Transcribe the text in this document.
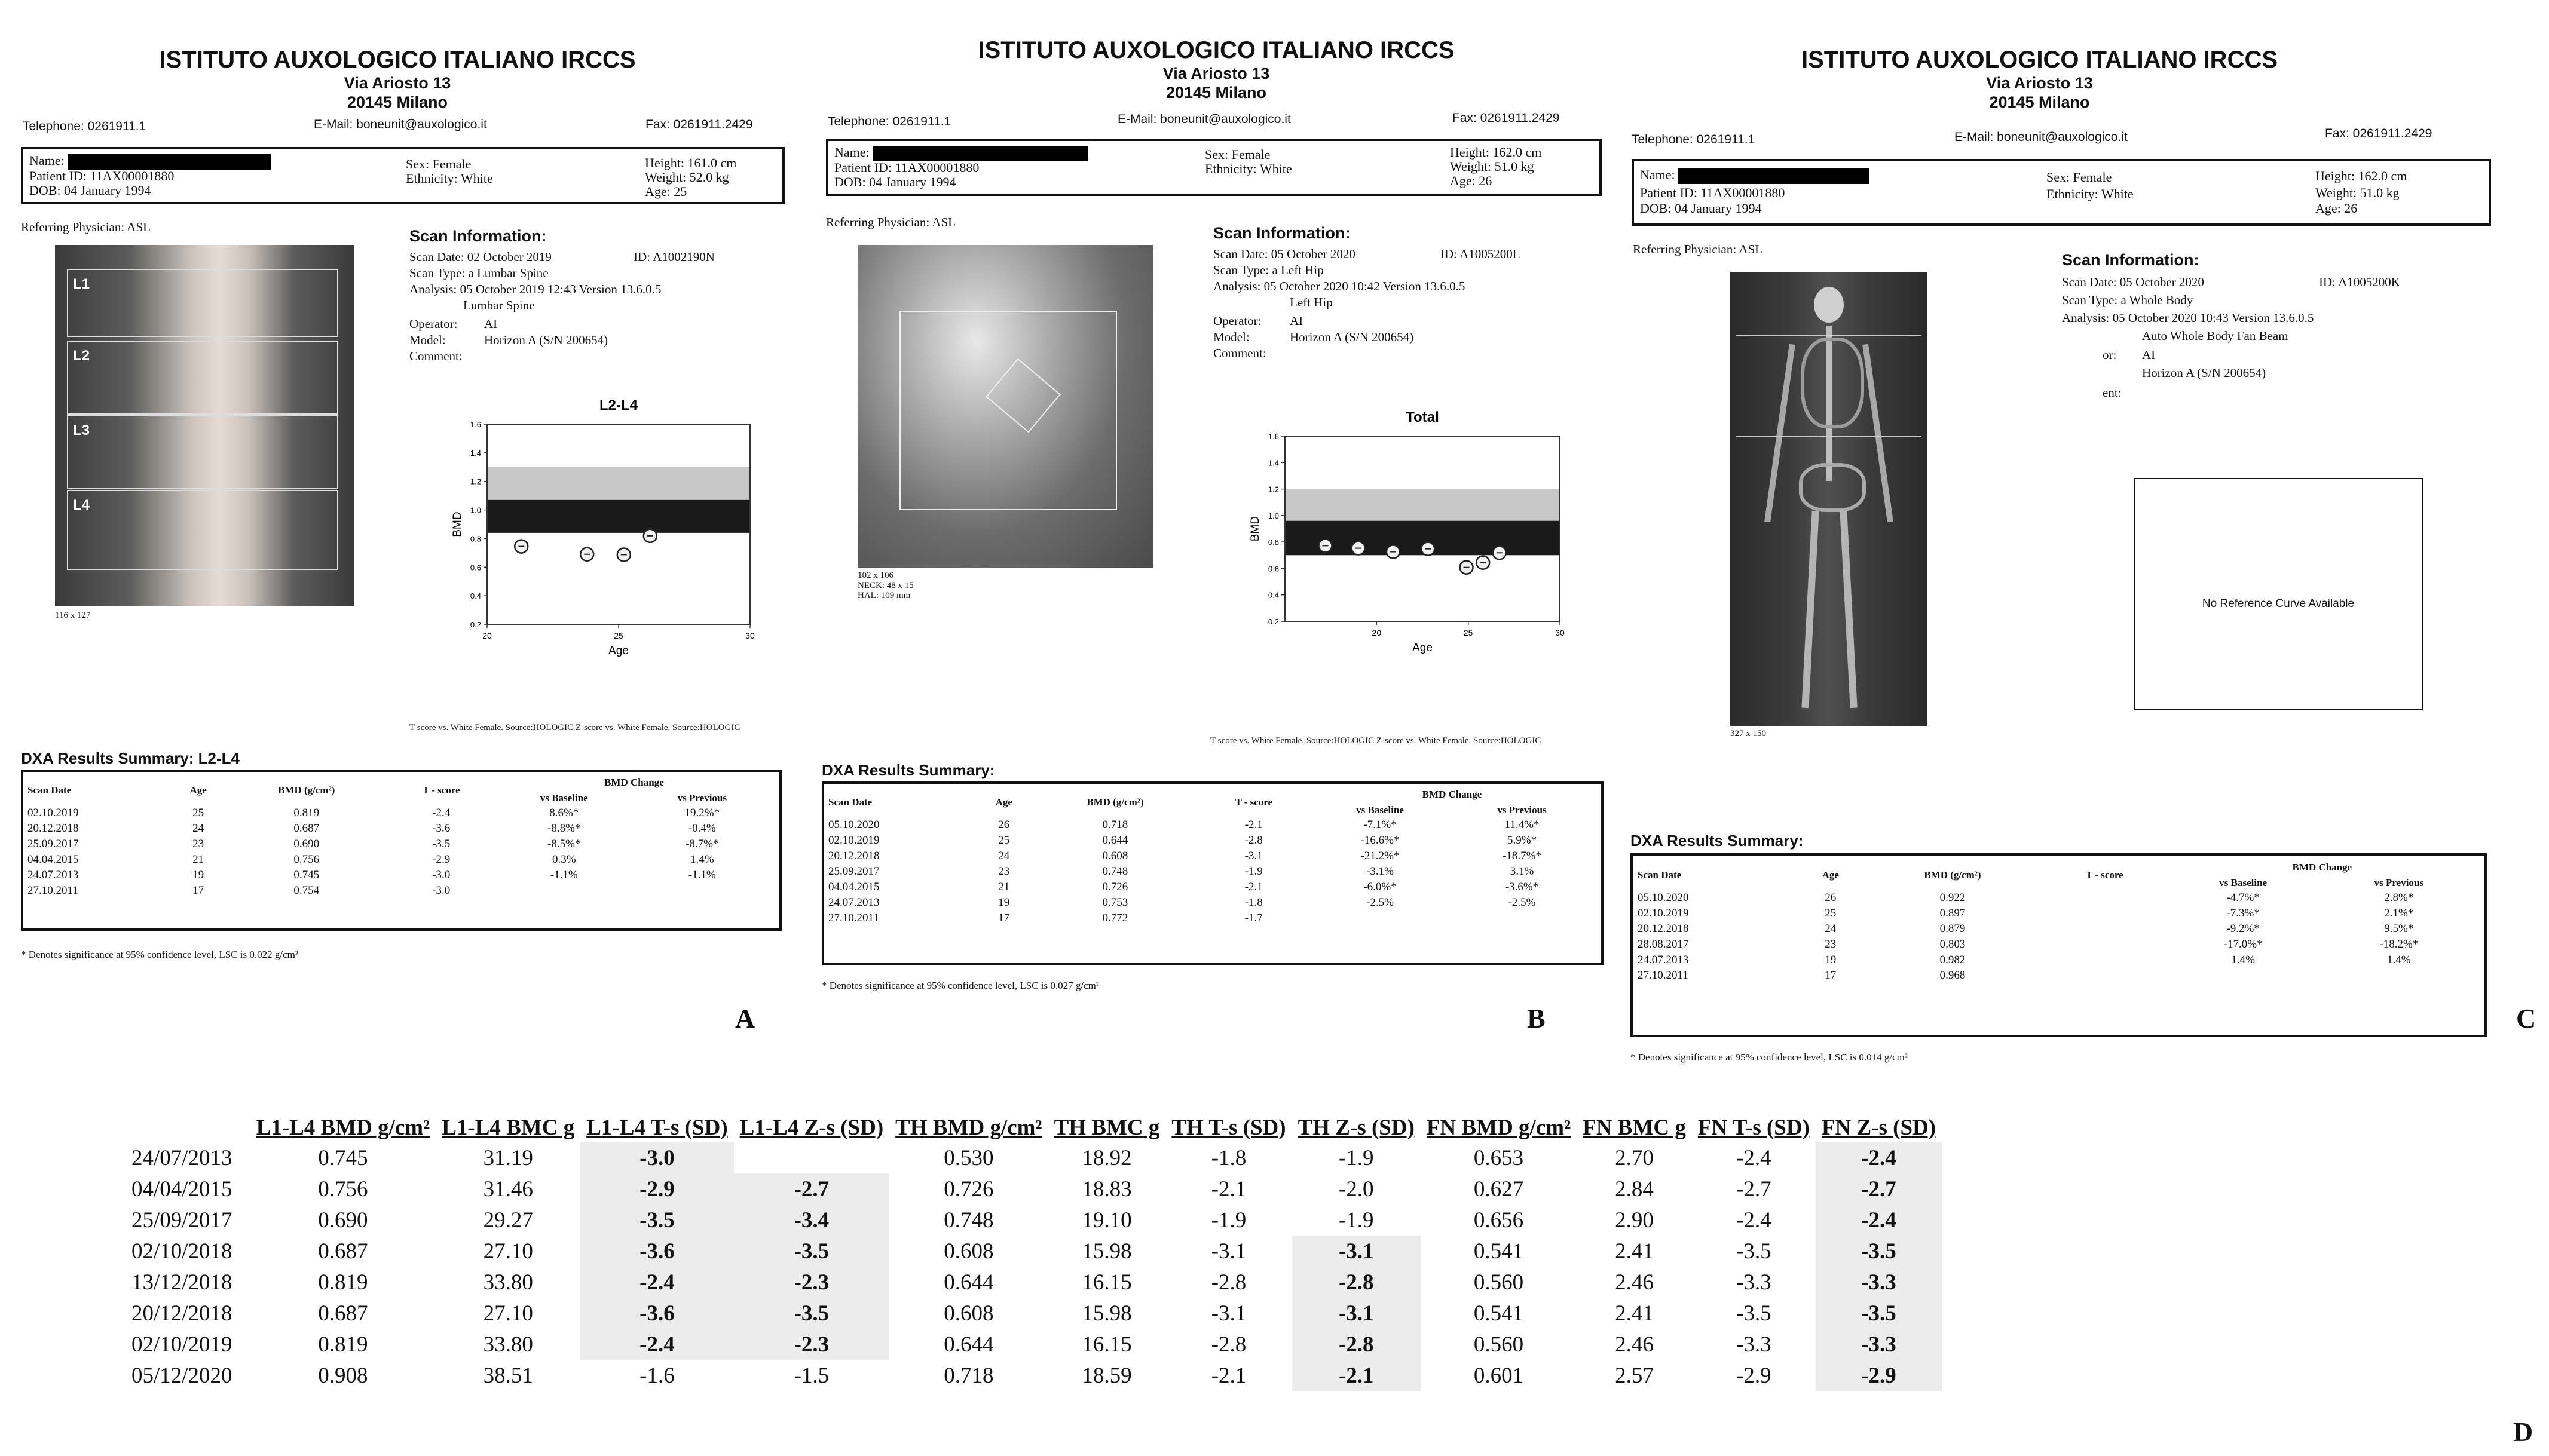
ISTITUTO AUXOLOGICO ITALIANO IRCCS
Via Ariosto 13
20145 Milano
Telephone: 0261911.1	E-Mail: boneunit@auxologico.it	Fax: 0261911.2429
Name:
Patient ID: 11AX00001880
DOB: 04 January 1994
Sex: Female
Ethnicity: White
Height: 161.0 cm
Weight: 52.0 kg
Age: 25
Referring Physician: ASL
L1
L2
L3
L4
116 x 127
Scan Information:
Scan Date: 02 October 2019	ID: A1002190N
Scan Type: a Lumbar Spine
Analysis: 05 October 2019 12:43 Version 13.6.0.5
Lumbar Spine
Operator: AI
Model:	Horizon A (S/N 200654)
Comment:
L2-L4
0.2
0.4
0.6
0.8
1.0
1.2
1.4
1.6
20	25	30
Age
BMD
T-score vs. White Female. Source:HOLOGIC Z-score vs. White Female. Source:HOLOGIC
DXA Results Summary: L2-L4
Scan Date	Age	BMD (g/cm²)	T - score	BMD Change	
				vs Baseline	vs Previous
02.10.2019	25	0.819	-2.4	8.6%*	19.2%*
20.12.2018	24	0.687	-3.6	-8.8%*	-0.4%
25.09.2017	23	0.690	-3.5	-8.5%*	-8.7%*
04.04.2015	21	0.756	-2.9	0.3%	1.4%
24.07.2013	19	0.745	-3.0	-1.1%	-1.1%
27.10.2011	17	0.754	-3.0		
* Denotes significance at 95% confidence level, LSC is 0.022 g/cm²
A
ISTITUTO AUXOLOGICO ITALIANO IRCCS
Via Ariosto 13
20145 Milano
Telephone: 0261911.1	E-Mail: boneunit@auxologico.it	Fax: 0261911.2429
Name:
Patient ID: 11AX00001880
DOB: 04 January 1994
Sex: Female
Ethnicity: White
Height: 162.0 cm
Weight: 51.0 kg
Age: 26
Referring Physician: ASL
102 x 106
NECK: 48 x 15
HAL: 109 mm
Scan Information:
Scan Date: 05 October 2020	ID: A1005200L
Scan Type: a Left Hip
Analysis: 05 October 2020 10:42 Version 13.6.0.5
Left Hip
Operator: AI
Model:	Horizon A (S/N 200654)
Comment:
Total
0.2
0.4
0.6
0.8
1.0
1.2
1.4
1.6
20	25	30
Age
BMD
T-score vs. White Female. Source:HOLOGIC Z-score vs. White Female. Source:HOLOGIC
DXA Results Summary:
Scan Date	Age	BMD (g/cm²)	T - score	BMD Change	
				vs Baseline	vs Previous
05.10.2020	26	0.718	-2.1	-7.1%*	11.4%*
02.10.2019	25	0.644	-2.8	-16.6%*	5.9%*
20.12.2018	24	0.608	-3.1	-21.2%*	-18.7%*
25.09.2017	23	0.748	-1.9	-3.1%	3.1%
04.04.2015	21	0.726	-2.1	-6.0%*	-3.6%*
24.07.2013	19	0.753	-1.8	-2.5%	-2.5%
27.10.2011	17	0.772	-1.7		
* Denotes significance at 95% confidence level, LSC is 0.027 g/cm²
B
ISTITUTO AUXOLOGICO ITALIANO IRCCS
Via Ariosto 13
20145 Milano
Telephone: 0261911.1	E-Mail: boneunit@auxologico.it	Fax: 0261911.2429
Name:
Patient ID: 11AX00001880
DOB: 04 January 1994
Sex: Female
Ethnicity: White
Height: 162.0 cm
Weight: 51.0 kg
Age: 26
Referring Physician: ASL
327 x 150
Scan Information:
Scan Date: 05 October 2020	ID: A1005200K
Scan Type: a Whole Body
Analysis: 05 October 2020 10:43 Version 13.6.0.5
Auto Whole Body Fan Beam
or: AI
Horizon A (S/N 200654)
ent:
No Reference Curve Available
DXA Results Summary:
Scan Date	Age	BMD (g/cm²)	T - score	BMD Change	
				vs Baseline	vs Previous
05.10.2020	26	0.922		-4.7%*	2.8%*
02.10.2019	25	0.897		-7.3%*	2.1%*
20.12.2018	24	0.879		-9.2%*	9.5%*
28.08.2017	23	0.803		-17.0%*	-18.2%*
24.07.2013	19	0.982		1.4%	1.4%
27.10.2011	17	0.968			
* Denotes significance at 95% confidence level, LSC is 0.014 g/cm²
C
	L1-L4 BMD g/cm²	L1-L4 BMC g	L1-L4 T-s (SD)	L1-L4 Z-s (SD)	TH BMD g/cm²	TH BMC g	TH T-s (SD)	TH Z-s (SD)	FN BMD g/cm²	FN BMC g	FN T-s (SD)	FN Z-s (SD)
24/07/2013	0.745	31.19	-3.0		0.530	18.92	-1.8	-1.9	0.653	2.70	-2.4	-2.4
04/04/2015	0.756	31.46	-2.9	-2.7	0.726	18.83	-2.1	-2.0	0.627	2.84	-2.7	-2.7
25/09/2017	0.690	29.27	-3.5	-3.4	0.748	19.10	-1.9	-1.9	0.656	2.90	-2.4	-2.4
02/10/2018	0.687	27.10	-3.6	-3.5	0.608	15.98	-3.1	-3.1	0.541	2.41	-3.5	-3.5
13/12/2018	0.819	33.80	-2.4	-2.3	0.644	16.15	-2.8	-2.8	0.560	2.46	-3.3	-3.3
20/12/2018	0.687	27.10	-3.6	-3.5	0.608	15.98	-3.1	-3.1	0.541	2.41	-3.5	-3.5
02/10/2019	0.819	33.80	-2.4	-2.3	0.644	16.15	-2.8	-2.8	0.560	2.46	-3.3	-3.3
05/12/2020	0.908	38.51	-1.6	-1.5	0.718	18.59	-2.1	-2.1	0.601	2.57	-2.9	-2.9
D
